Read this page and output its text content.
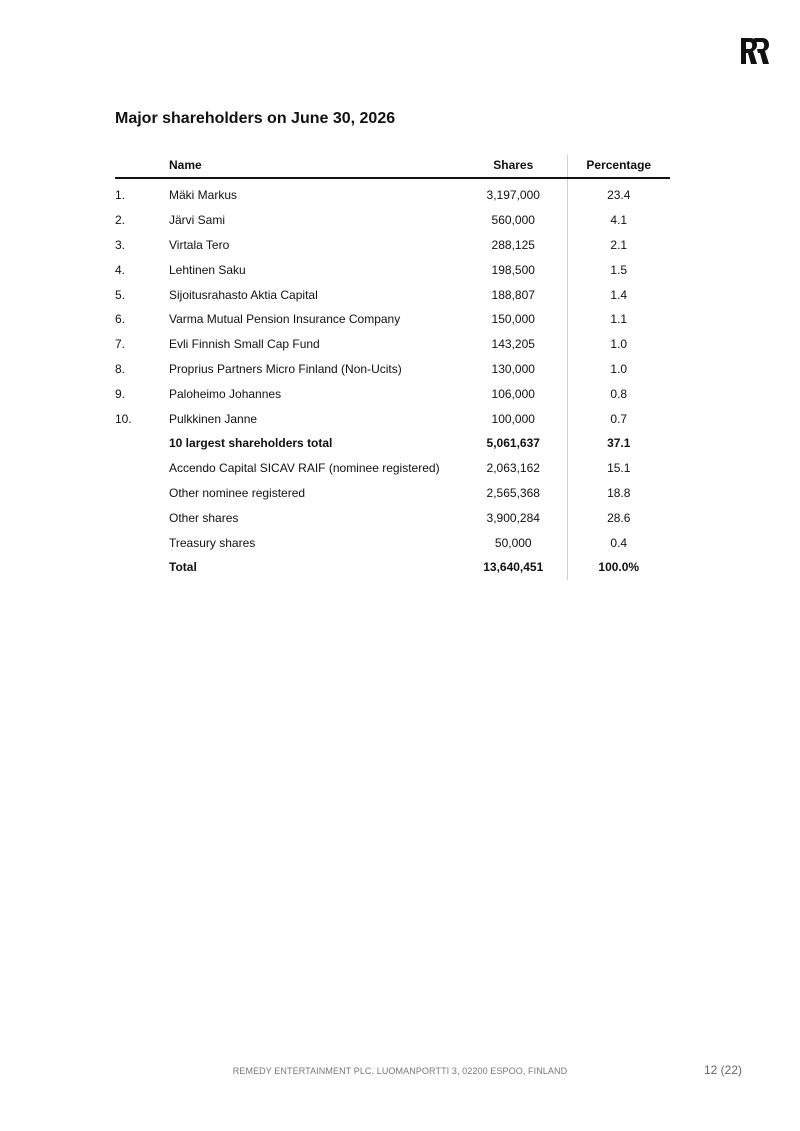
Major shareholders on June 30, 2026
	Name	Shares	Percentage
1.	Mäki Markus	3,197,000	23.4
2.	Järvi Sami	560,000	4.1
3.	Virtala Tero	288,125	2.1
4.	Lehtinen Saku	198,500	1.5
5.	Sijoitusrahasto Aktia Capital	188,807	1.4
6.	Varma Mutual Pension Insurance Company	150,000	1.1
7.	Evli Finnish Small Cap Fund	143,205	1.0
8.	Proprius Partners Micro Finland (Non-Ucits)	130,000	1.0
9.	Paloheimo Johannes	106,000	0.8
10.	Pulkkinen Janne	100,000	0.7
	10 largest shareholders total	5,061,637	37.1
	Accendo Capital SICAV RAIF (nominee registered)	2,063,162	15.1
	Other nominee registered	2,565,368	18.8
	Other shares	3,900,284	28.6
	Treasury shares	50,000	0.4
	Total	13,640,451	100.0%
REMEDY ENTERTAINMENT PLC. LUOMANPORTTI 3, 02200 ESPOO, FINLAND	12 (22)
